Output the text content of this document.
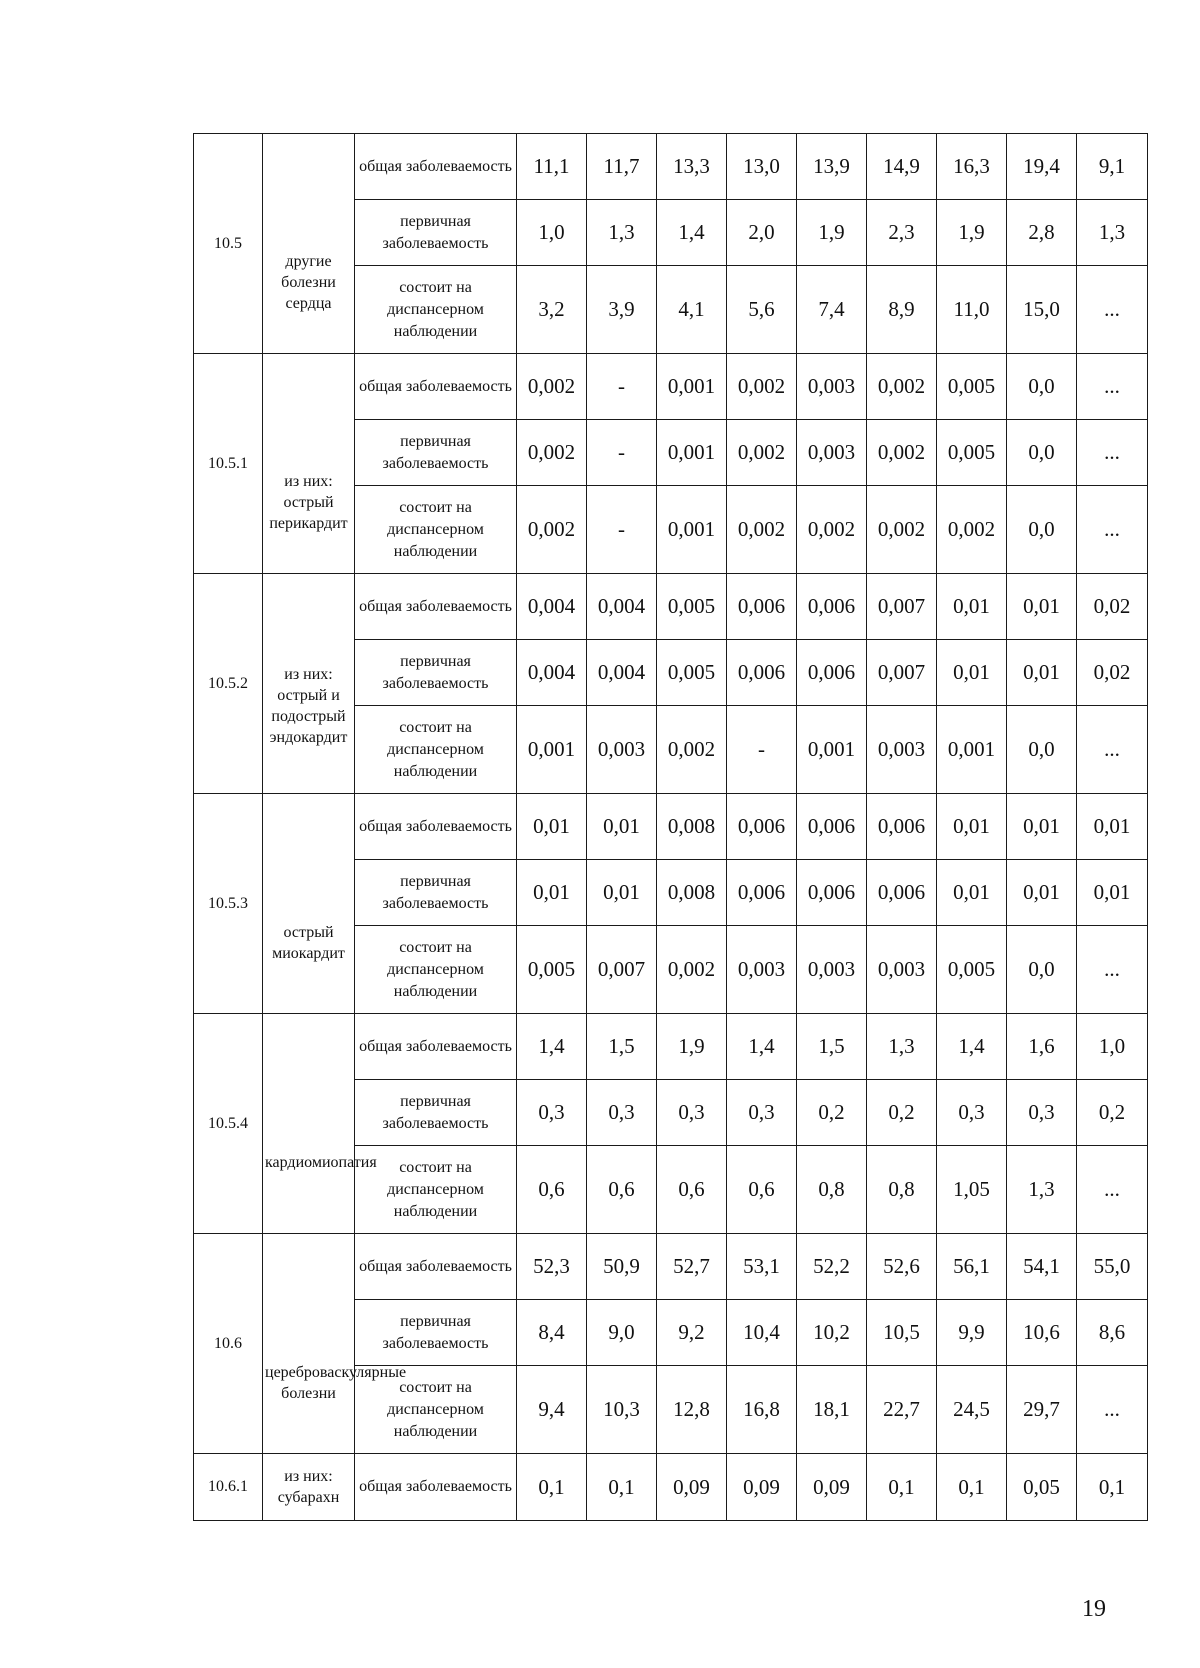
10.5	другие болезни сердца	общая заболеваемость	11,1	11,7	13,3	13,0	13,9	14,9	16,3	19,4	9,1
		первичная заболеваемость	1,0	1,3	1,4	2,0	1,9	2,3	1,9	2,8	1,3
		состоит на диспансерном наблюдении	3,2	3,9	4,1	5,6	7,4	8,9	11,0	15,0	...
10.5.1	из них: острый перикардит	общая заболеваемость	0,002	-	0,001	0,002	0,003	0,002	0,005	0,0	...
		первичная заболеваемость	0,002	-	0,001	0,002	0,003	0,002	0,005	0,0	...
		состоит на диспансерном наблюдении	0,002	-	0,001	0,002	0,002	0,002	0,002	0,0	...
10.5.2	из них: острый и подострый эндокардит	общая заболеваемость	0,004	0,004	0,005	0,006	0,006	0,007	0,01	0,01	0,02
		первичная заболеваемость	0,004	0,004	0,005	0,006	0,006	0,007	0,01	0,01	0,02
		состоит на диспансерном наблюдении	0,001	0,003	0,002	-	0,001	0,003	0,001	0,0	...
10.5.3	острый миокардит	общая заболеваемость	0,01	0,01	0,008	0,006	0,006	0,006	0,01	0,01	0,01
		первичная заболеваемость	0,01	0,01	0,008	0,006	0,006	0,006	0,01	0,01	0,01
		состоит на диспансерном наблюдении	0,005	0,007	0,002	0,003	0,003	0,003	0,005	0,0	...
10.5.4	кардиомиопатия	общая заболеваемость	1,4	1,5	1,9	1,4	1,5	1,3	1,4	1,6	1,0
		первичная заболеваемость	0,3	0,3	0,3	0,3	0,2	0,2	0,3	0,3	0,2
		состоит на диспансерном наблюдении	0,6	0,6	0,6	0,6	0,8	0,8	1,05	1,3	...
10.6	цереброваскулярные болезни	общая заболеваемость	52,3	50,9	52,7	53,1	52,2	52,6	56,1	54,1	55,0
		первичная заболеваемость	8,4	9,0	9,2	10,4	10,2	10,5	9,9	10,6	8,6
		состоит на диспансерном наблюдении	9,4	10,3	12,8	16,8	18,1	22,7	24,5	29,7	...
10.6.1	из них: субарахн	общая заболеваемость	0,1	0,1	0,09	0,09	0,09	0,1	0,1	0,05	0,1
19
